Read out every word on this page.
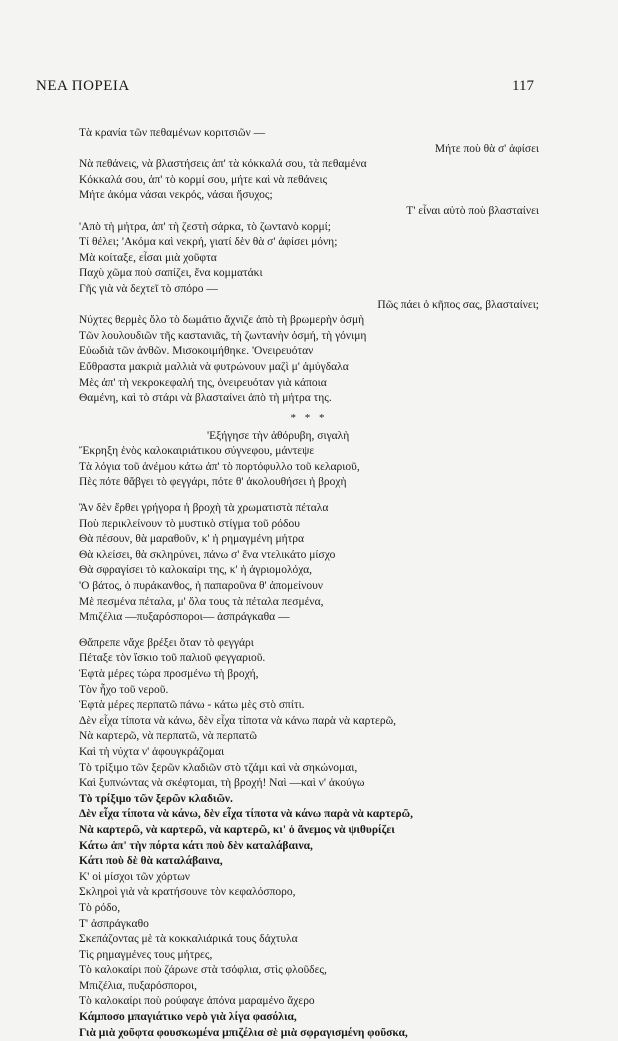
ΝΕΑ ΠΟΡΕΙΑ	117
Τὰ κρανία τῶν πεθαμένων κοριτσιῶν —
Μήτε ποὺ θὰ σ' ἀφίσει
Νὰ πεθάνεις, νὰ βλαστήσεις ἀπ' τὰ κόκκαλά σου, τὰ πεθαμένα
Κόκκαλά σου, ἀπ' τὸ κορμί σου, μήτε καὶ νὰ πεθάνεις
Μήτε ἀκόμα νάσαι νεκρός, νάσαι ἥσυχος;
Τ' εἶναι αὐτὸ ποὺ βλασταίνει
'Απὸ τὴ μήτρα, ἀπ' τὴ ζεστὴ σάρκα, τὸ ζωντανὸ κορμί;
Τί θέλει; 'Ακόμα καὶ νεκρή, γιατί δὲν θὰ σ' ἀφίσει μόνη;
Μὰ κοίταξε, εἶσαι μιὰ χοῦφτα
Παχὺ χῶμα ποὺ σαπίζει, ἕνα κομματάκι
Γῆς γιὰ νὰ δεχτεῖ τὸ σπόρο —
Πῶς πάει ὁ κῆπος σας, βλασταίνει;
Νύχτες θερμὲς ὅλο τὸ δωμάτιο ἄχνιζε ἀπὸ τὴ βρωμερὴν ὀσμὴ
Τῶν λουλουδιῶν τῆς καστανιᾶς, τὴ ζωντανὴν ὀσμή, τὴ γόνιμη
Εὐωδιὰ τῶν ἀνθῶν. Μισοκοιμήθηκε. 'Ονειρευόταν
Εὔθραστα μακριὰ μαλλιὰ νὰ φυτρώνουν μαζὶ μ' ἀμύγδαλα
Μὲς ἀπ' τὴ νεκροκεφαλή της, ὀνειρευόταν γιὰ κάποια
Θαμένη, καὶ τὸ στάρι νὰ βλασταίνει ἀπὸ τὴ μήτρα της.
* * *
'Εξήγησε τὴν ἀθόρυβη, σιγαλὴ
Ἔκρηξη ἑνὸς καλοκαιριάτικου σύγνεφου, μάντεψε
Τὰ λόγια τοῦ ἀνέμου κάτω ἀπ' τὸ πορτόφυλλο τοῦ κελαριοῦ,
Πὲς πότε θἄβγει τὸ φεγγάρι, πότε θ' ἀκολουθήσει ἡ βροχὴ
Ἂν δὲν ἔρθει γρήγορα ἡ βροχὴ τὰ χρωματιστὰ πέταλα
Ποὺ περικλείνουν τὸ μυστικὸ στίγμα τοῦ ρόδου
Θὰ πέσουν, θὰ μαραθοῦν, κ' ἡ ρημαγμένη μήτρα
Θὰ κλείσει, θὰ σκληρύνει, πάνω σ' ἕνα ντελικάτο μίσχο
Θὰ σφραγίσει τὸ καλοκαίρι της, κ' ἡ ἀγριομολόχα,
'Ο βάτος, ὁ πυράκανθος, ἡ παπαροῦνα θ' ἀπομείνουν
Μὲ πεσμένα πέταλα, μ' ὅλα τους τὰ πέταλα πεσμένα,
Μπιζέλια —πυξαρόσποροι— ἀσπράγκαθα —
Θἄπρεπε νἄχε βρέξει ὅταν τὸ φεγγάρι
Πέταξε τὸν ἴσκιο τοῦ παλιοῦ φεγγαριοῦ.
Ἑφτὰ μέρες τώρα προσμένω τὴ βροχή,
Τὸν ἦχο τοῦ νεροῦ.
Ἑφτὰ μέρες περπατῶ πάνω - κάτω μὲς στὸ σπίτι.
Δὲν εἶχα τίποτα νὰ κάνω, δὲν εἶχα τίποτα νὰ κάνω παρὰ νὰ καρτερῶ,
Νὰ καρτερῶ, νὰ περπατῶ, νὰ περπατῶ
Καὶ τὴ νύχτα ν' ἀφουγκράζομαι
Τὸ τρίξιμο τῶν ξερῶν κλαδιῶν στὸ τζάμι καὶ νὰ σηκώνομαι,
Καὶ ξυπνώντας νὰ σκέφτομαι, τὴ βροχή! Ναὶ —καὶ ν' ἀκούγω
Τὸ τρίξιμο τῶν ξερῶν κλαδιῶν.
Δὲν εἶχα τίποτα νὰ κάνω, δὲν εἶχα τίποτα νὰ κάνω παρὰ νὰ καρτερῶ,
Νὰ καρτερῶ, νὰ καρτερῶ, νὰ καρτερῶ, κι' ὁ ἄνεμος νὰ ψιθυρίζει
Κάτω ἀπ' τὴν πόρτα κάτι ποὺ δὲν καταλάβαινα,
Κάτι ποὺ δὲ θὰ καταλάβαινα,
Κ' οἱ μίσχοι τῶν χόρτων
Σκληροὶ γιὰ νὰ κρατήσουνε τὸν κεφαλόσπορο,
Τὸ ρόδο,
Τ' ἀσπράγκαθο
Σκεπάζοντας μὲ τὰ κοκκαλιάρικά τους δάχτυλα
Τὶς ρημαγμένες τους μήτρες,
Τὸ καλοκαίρι ποὺ ζάρωνε στὰ τσόφλια, στὶς φλοῦδες,
Μπιζέλια, πυξαρόσποροι,
Τὸ καλοκαίρι ποὺ ρούφαγε ἀπόνα μαραμένο ἄχερο
Κάμποσο μπαγιάτικο νερὸ γιὰ λίγα φασόλια,
Γιὰ μιὰ χοῦφτα φουσκωμένα μπιζέλια σὲ μιὰ σφραγισμένη φοῦσκα,
